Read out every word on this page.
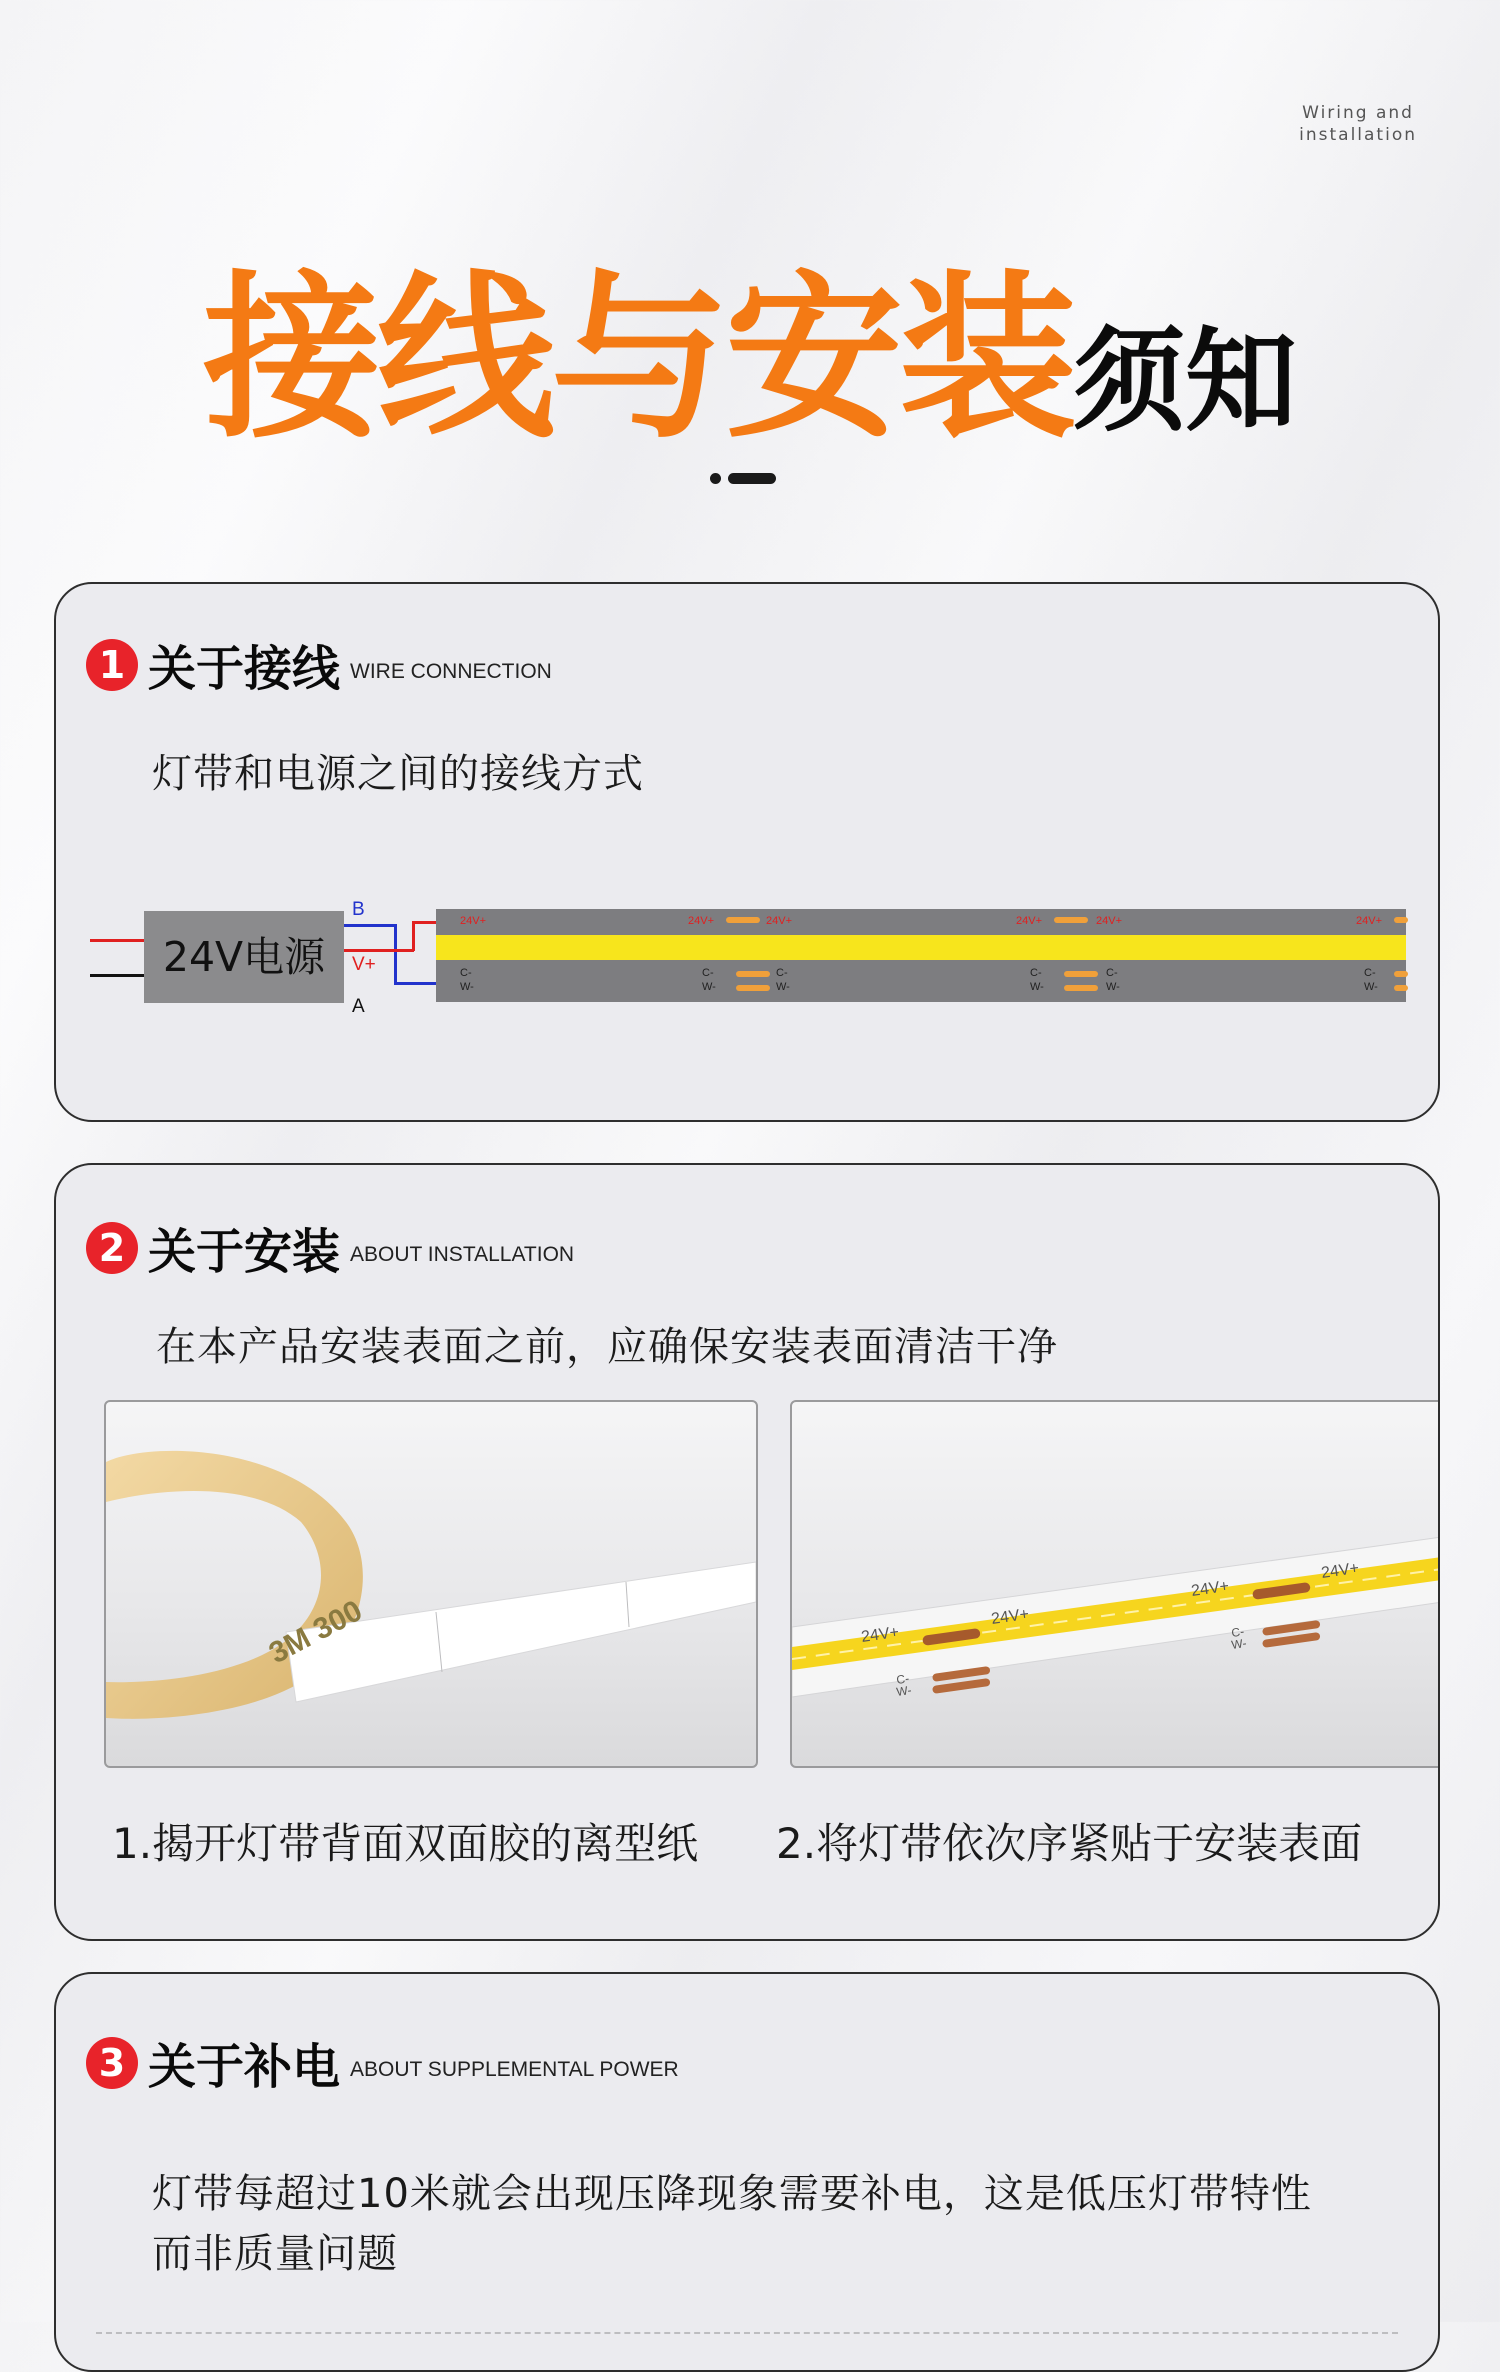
Wiring and
installation
接线与安装须知
1 关于接线 WIRE CONNECTION
灯带和电源之间的接线方式
24V电源
B
V+
A
24V+	24V+	24V+	24V+	24V+	24V+
C-
W-
C-
W-
C-
W-
C-
W-
C-
W-
C-
W-
2 关于安装 ABOUT INSTALLATION
在本产品安装表面之前，应确保安装表面清洁干净
3M 300	24V+
24V+
24V+
24V+
C-
W-
C-
W-
1.揭开灯带背面双面胶的离型纸 2.将灯带依次序紧贴于安装表面
3 关于补电 ABOUT SUPPLEMENTAL POWER
灯带每超过10米就会出现压降现象需要补电，这是低压灯带特性
而非质量问题
